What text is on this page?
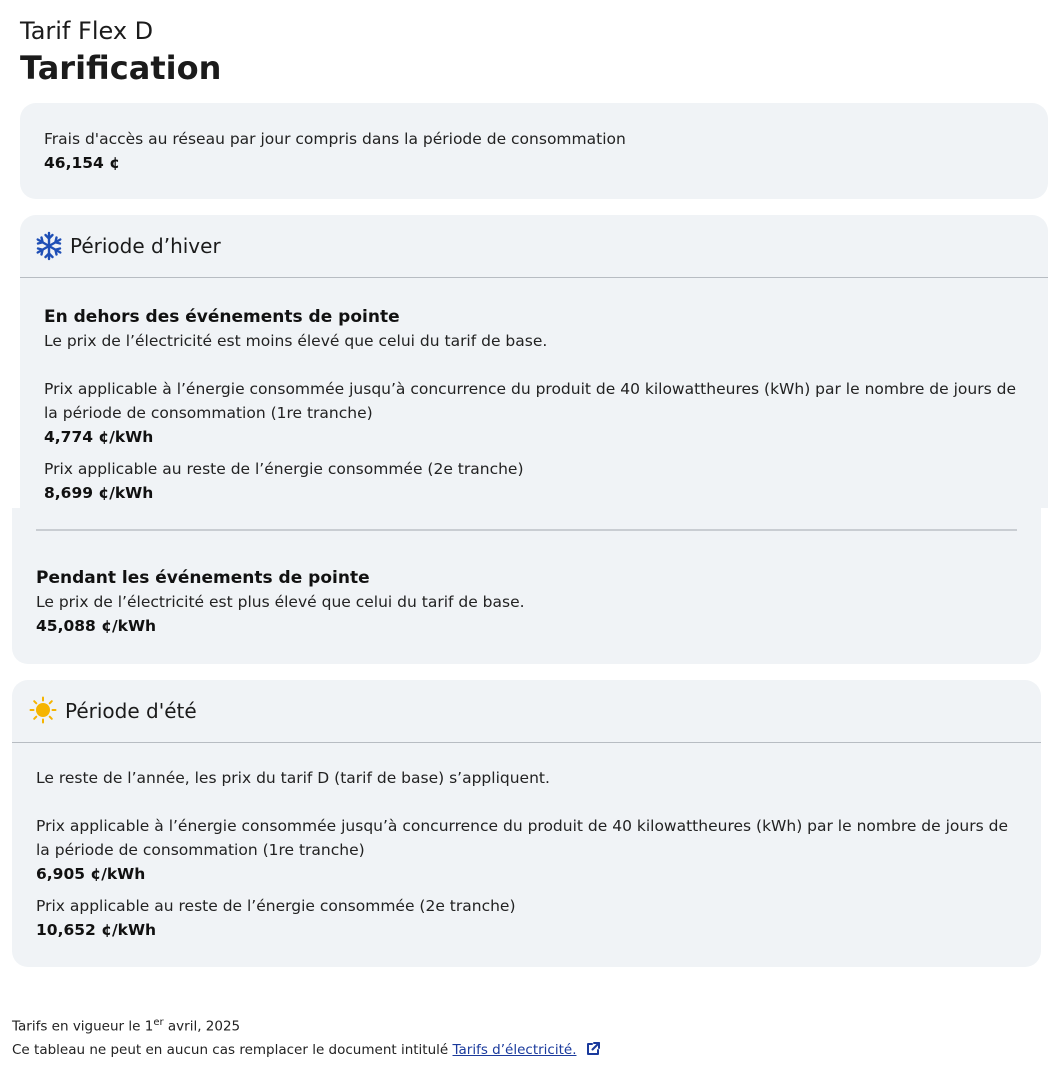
Tarif Flex D
Tarification

Frais d'accès au réseau par jour compris dans la période de consommation

46,154 ¢

Période d’hiver

En dehors des événements de pointe

Le prix de l’électricité est moins élevé que celui du tarif de base.

Prix applicable à l’énergie consommée jusqu’à concurrence du produit de 40 kilowattheures (kWh) par le nombre de jours de la période de consommation (1re tranche)

4,774 ¢/kWh

Prix applicable au reste de l’énergie consommée (2e tranche)

8,699 ¢/kWh

Pendant les événements de pointe

Le prix de l’électricité est plus élevé que celui du tarif de base.

45,088 ¢/kWh

Période d'été

Le reste de l’année, les prix du tarif D (tarif de base) s’appliquent.

Prix applicable à l’énergie consommée jusqu’à concurrence du produit de 40 kilowattheures (kWh) par le nombre de jours de la période de consommation (1re tranche)

6,905 ¢/kWh

Prix applicable au reste de l’énergie consommée (2e tranche)

10,652 ¢/kWh

Tarifs en vigueur le 1er avril, 2025
Ce tableau ne peut en aucun cas remplacer le document intitulé Tarifs d’électricité.
